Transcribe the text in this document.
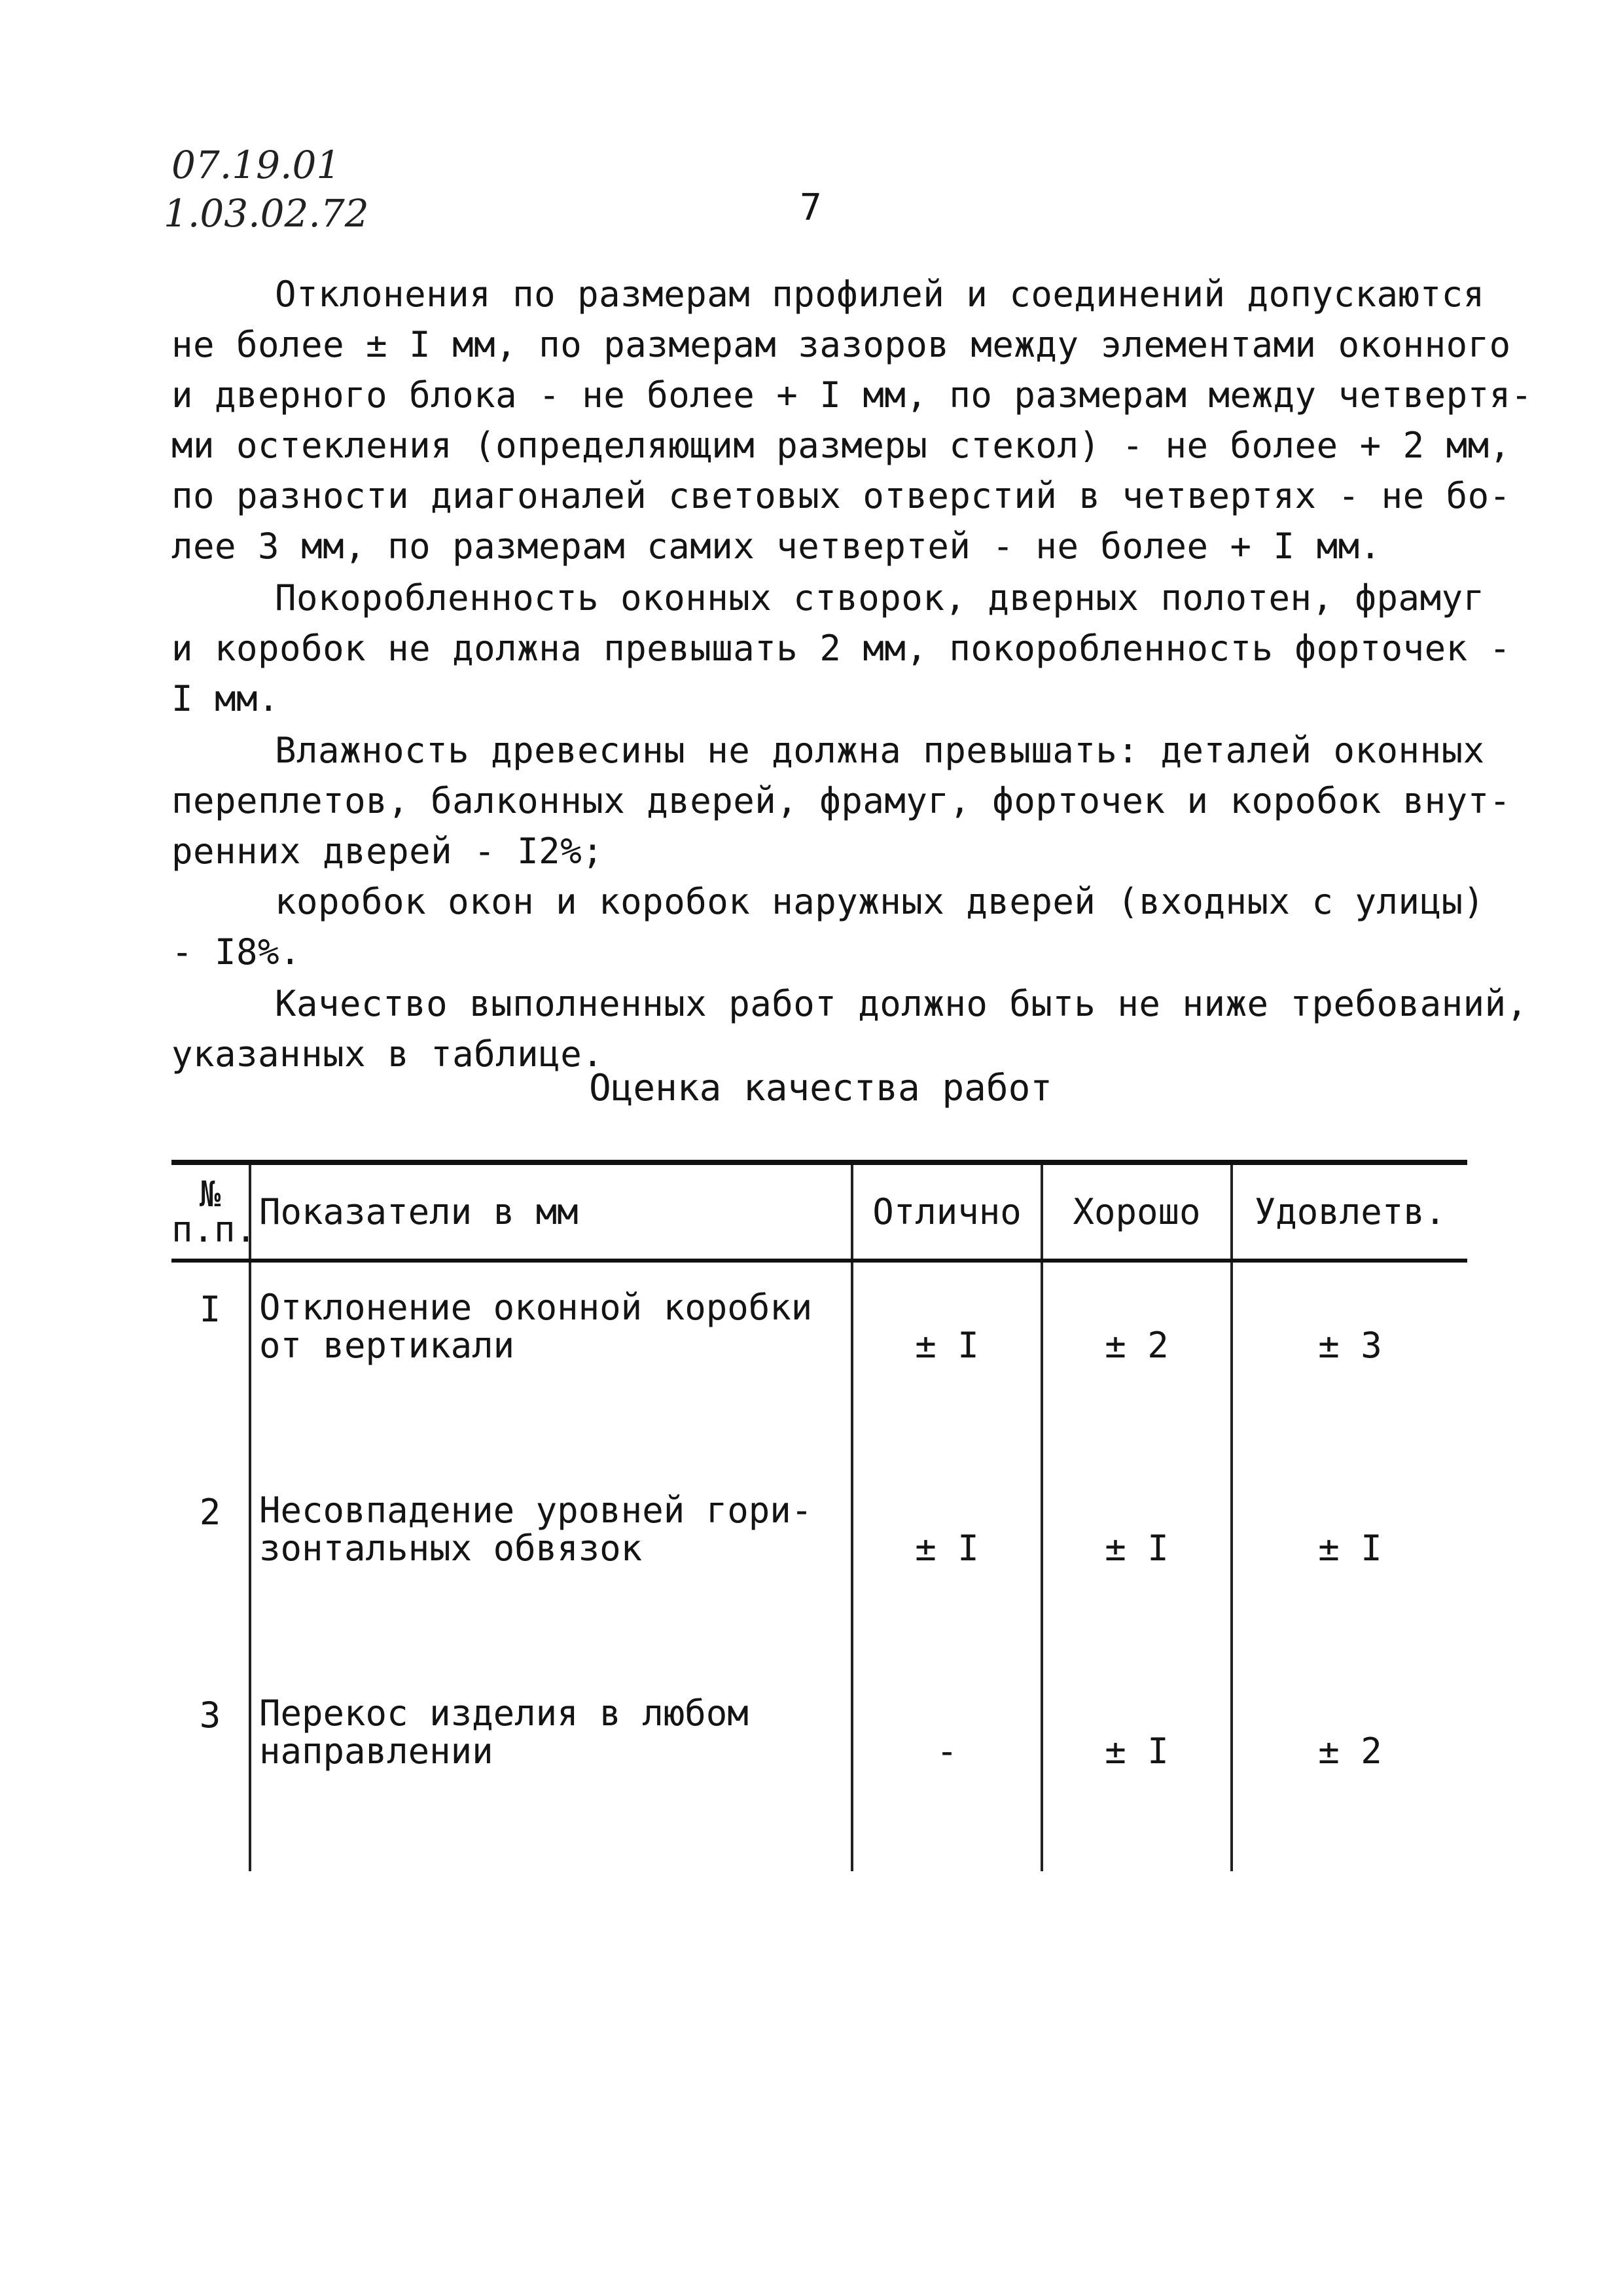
07.19.01
1.03.02.72	7
Отклонения по размерам профилей и соединений допускаются
не более ± I мм, по размерам зазоров между элементами оконного
и дверного блока - не более + I мм, по размерам между четвертя-
ми остекления (определяющим размеры стекол) - не более + 2 мм,
по разности диагоналей световых отверстий в четвертях - не бо-
лее 3 мм, по размерам самих четвертей - не более + I мм.
Покоробленность оконных створок, дверных полотен, фрамуг
и коробок не должна превышать 2 мм, покоробленность форточек -
I мм.
Влажность древесины не должна превышать: деталей оконных
переплетов, балконных дверей, фрамуг, форточек и коробок внут-
ренних дверей - I2%;
коробок окон и коробок наружных дверей (входных с улицы)
- I8%.
Качество выполненных работ должно быть не ниже требований,
указанных в таблице.
Оценка качества работ
№
п.п.	Показатели в мм	Отлично	Хорошо	Удовлетв.
I	Отклонение оконной коробки
от вертикали	± I	± 2	± 3
2	Несовпадение уровней гори-
зонтальных обвязок	± I	± I	± I
3	Перекос изделия в любом
направлении	-	± I	± 2
